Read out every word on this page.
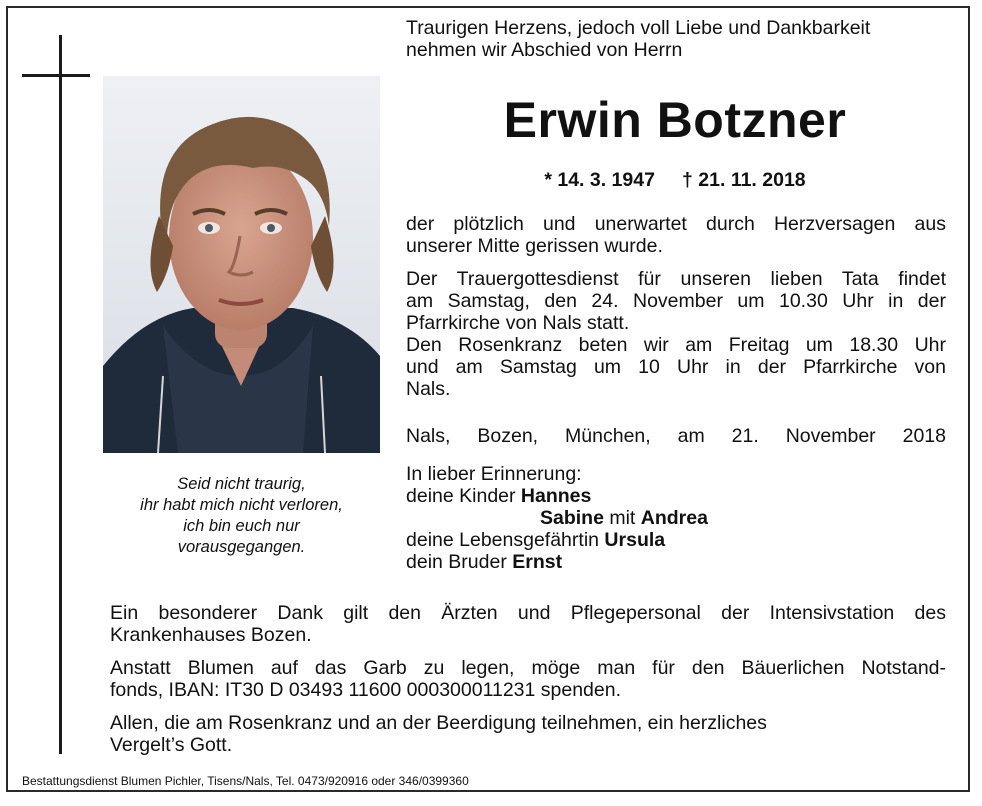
Seid nicht traurig,
ihr habt mich nicht verloren,
ich bin euch nur
vorausgegangen.
Traurigen Herzens, jedoch voll Liebe und Dankbarkeit
nehmen wir Abschied von Herrn
Erwin Botzner
* 14. 3. 1947 † 21. 11. 2018
der plötzlich und unerwartet durch Herzversagen aus
unserer Mitte gerissen wurde.
Der Trauergottesdienst für unseren lieben Tata findet
am Samstag, den 24. November um 10.30 Uhr in der
Pfarrkirche von Nals statt.
Den Rosenkranz beten wir am Freitag um 18.30 Uhr
und am Samstag um 10 Uhr in der Pfarrkirche von
Nals.
Nals, Bozen, München, am 21. November 2018
In lieber Erinnerung:
deine Kinder Hannes
Sabine mit Andrea
deine Lebensgefährtin Ursula
dein Bruder Ernst
Ein besonderer Dank gilt den Ärzten und Pflegepersonal der Intensivstation des
Krankenhauses Bozen.
Anstatt Blumen auf das Garb zu legen, möge man für den Bäuerlichen Notstand-
fonds, IBAN: IT30 D 03493 11600 000300011231 spenden.
Allen, die am Rosenkranz und an der Beerdigung teilnehmen, ein herzliches
Vergelt’s Gott.
Bestattungsdienst Blumen Pichler, Tisens/Nals, Tel. 0473/920916 oder 346/0399360
